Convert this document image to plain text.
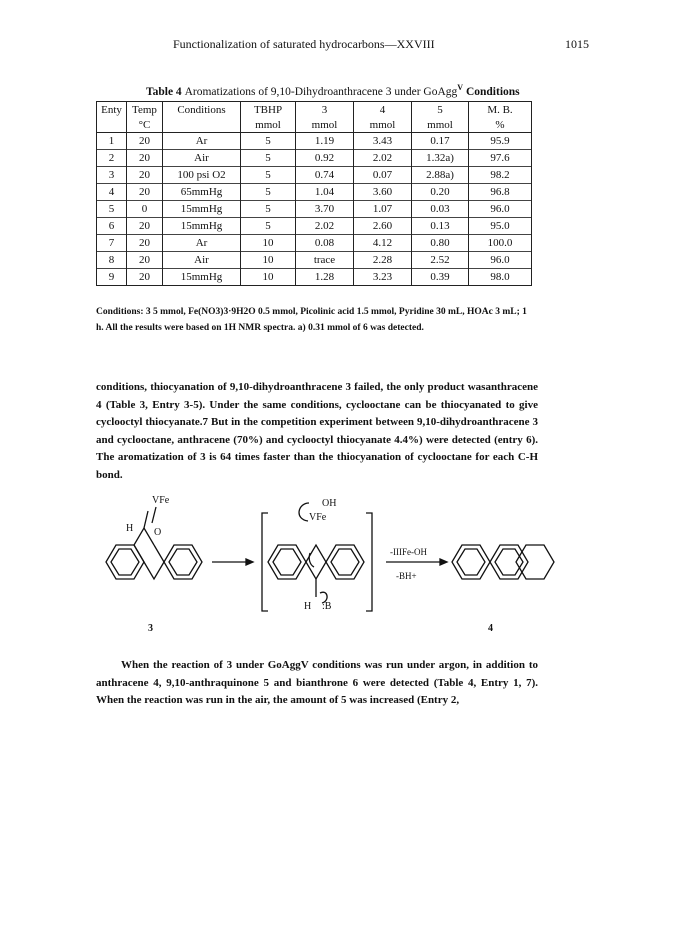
Functionalization of saturated hydrocarbons—XXVIII	1015
Table 4 Aromatizations of 9,10-Dihydroanthracene 3 under GoAgg$^V$ Conditions
Enty	Temp	Conditions	TBHP	3	4	5	M. B.
	°C		mmol	mmol	mmol	mmol	%
1	20	Ar	5	1.19	3.43	0.17	95.9
2	20	Air	5	0.92	2.02	1.32a)	97.6
3	20	100 psi O2	5	0.74	0.07	2.88a)	98.2
4	20	65mmHg	5	1.04	3.60	0.20	96.8
5	0	15mmHg	5	3.70	1.07	0.03	96.0
6	20	15mmHg	5	2.02	2.60	0.13	95.0
7	20	Ar	10	0.08	4.12	0.80	100.0
8	20	Air	10	trace	2.28	2.52	96.0
9	20	15mmHg	10	1.28	3.23	0.39	98.0
Conditions: 3 5 mmol, Fe(NO3)3·9H2O 0.5 mmol, Picolinic acid 1.5 mmol, Pyridine 30 mL, HOAc 3 mL; 1 h. All the results were based on 1H NMR spectra. a) 0.31 mmol of 6 was detected.
conditions, thiocyanation of 9,10-dihydroanthracene 3 failed, the only product wasanthracene 4 (Table 3, Entry 3-5). Under the same conditions, cyclooctane can be thiocyanated to give cyclooctyl thiocyanate.7 But in the competition experiment between 9,10-dihydroanthracene 3 and cyclooctane, anthracene (70%) and cyclooctyl thiocyanate 4.4%) were detected (entry 6). The aromatization of 3 is 64 times faster than the thiocyanation of cyclooctane for each C-H bond.
VFe
H O
OH
VFe
H :B
-IIIFe-OH
-BH+
3	4
When the reaction of 3 under GoAggV conditions was run under argon, in addition to anthracene 4, 9,10-anthraquinone 5 and bianthrone 6 were detected (Table 4, Entry 1, 7). When the reaction was run in the air, the amount of 5 was increased (Entry 2,
